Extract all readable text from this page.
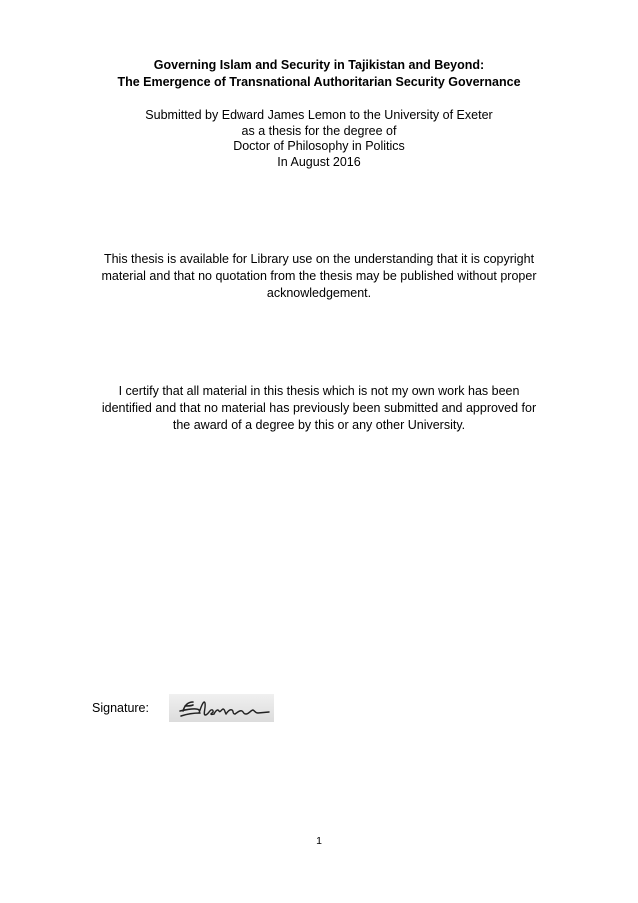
Governing Islam and Security in Tajikistan and Beyond:
The Emergence of Transnational Authoritarian Security Governance
Submitted by Edward James Lemon to the University of Exeter
as a thesis for the degree of
Doctor of Philosophy in Politics
In August 2016
This thesis is available for Library use on the understanding that it is copyright
material and that no quotation from the thesis may be published without proper
acknowledgement.
I certify that all material in this thesis which is not my own work has been
identified and that no material has previously been submitted and approved for
the award of a degree by this or any other University.
Signature:
1
